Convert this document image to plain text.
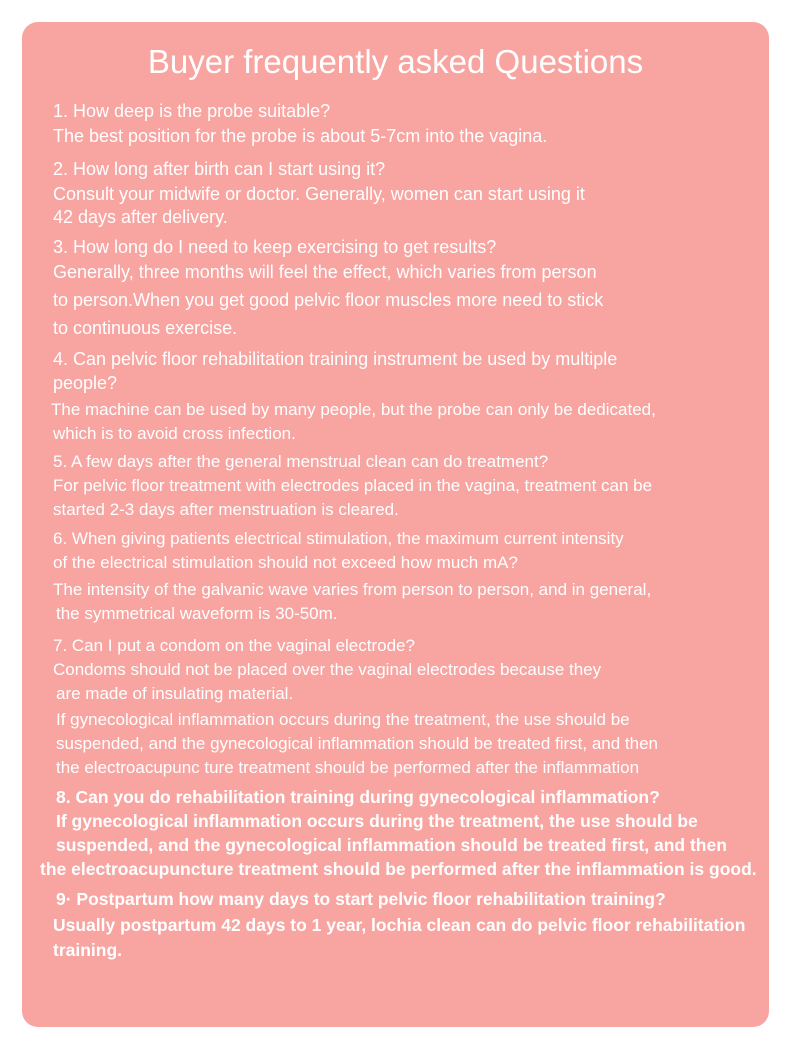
Buyer frequently asked Questions
1. How deep is the probe suitable?
The best position for the probe is about 5-7cm into the vagina.
2. How long after birth can I start using it?
Consult your midwife or doctor. Generally, women can start using it
42 days after delivery.
3. How long do I need to keep exercising to get results?
Generally, three months will feel the effect, which varies from person
to person.When you get good pelvic floor muscles more need to stick
to continuous exercise.
4. Can pelvic floor rehabilitation training instrument be used by multiple
people?
The machine can be used by many people, but the probe can only be dedicated,
which is to avoid cross infection.
5. A few days after the general menstrual clean can do treatment?
For pelvic floor treatment with electrodes placed in the vagina, treatment can be
started 2-3 days after menstruation is cleared.
6. When giving patients electrical stimulation, the maximum current intensity
of the electrical stimulation should not exceed how much mA?
The intensity of the galvanic wave varies from person to person, and in general,
the symmetrical waveform is 30-50m.
7. Can I put a condom on the vaginal electrode?
Condoms should not be placed over the vaginal electrodes because they
are made of insulating material.
If gynecological inflammation occurs during the treatment, the use should be
suspended, and the gynecological inflammation should be treated first, and then
the electroacupunc ture treatment should be performed after the inflammation
8. Can you do rehabilitation training during gynecological inflammation?
If gynecological inflammation occurs during the treatment, the use should be
suspended, and the gynecological inflammation should be treated first, and then
the electroacupuncture treatment should be performed after the inflammation is good.
9· Postpartum how many days to start pelvic floor rehabilitation training?
Usually postpartum 42 days to 1 year, lochia clean can do pelvic floor rehabilitation
training.
